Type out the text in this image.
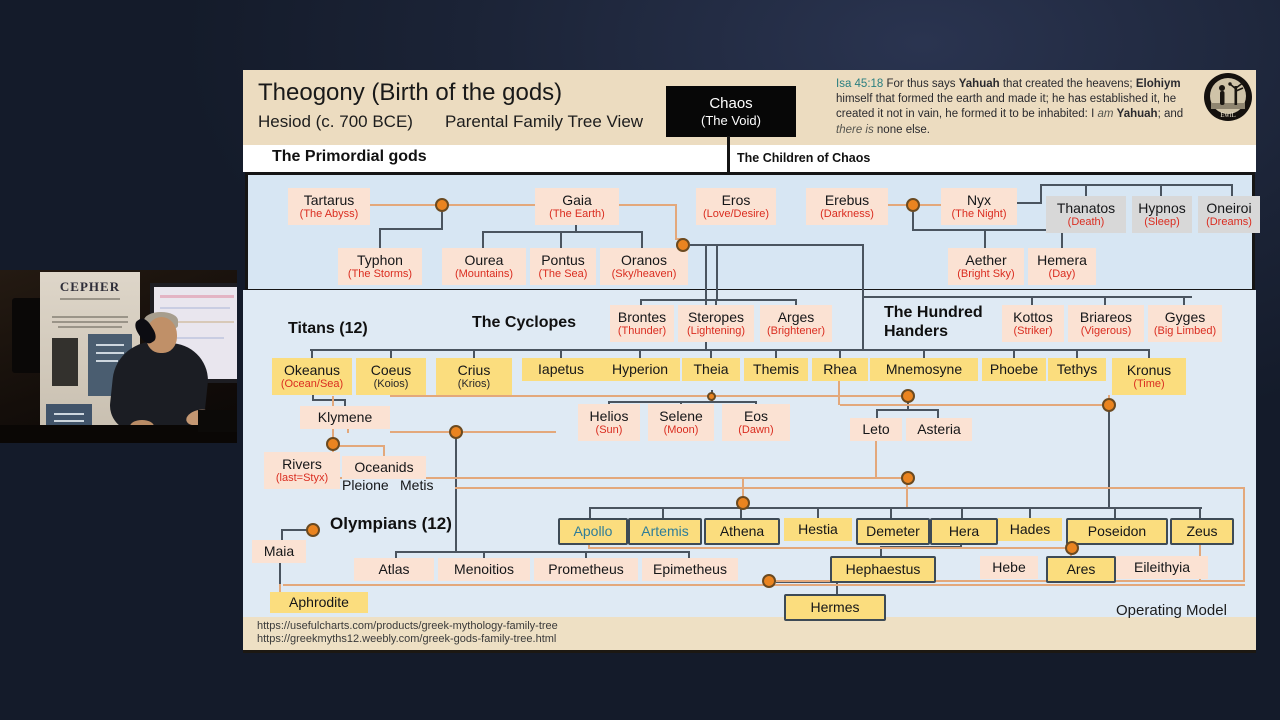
Theogony (Birth of the gods)
Hesiod (c. 700 BCE) Parental Family Tree View
Chaos
(The Void)
Isa 45:18 For thus says Yahuah that created the heavens; Elohiym himself that formed the earth and made it; he has established it, he created it not in vain, he formed it to be inhabited: I am Yahuah; and there is none else.
EwiL
The Primordial gods	The Children of Chaos
Titans (12)	The Cyclopes
The Hundred Handers
Olympians (12)
Tartarus
(The Abyss)
Gaia
(The Earth)
Eros
(Love/Desire)
Erebus
(Darkness)
Nyx
(The Night)	Thanatos
(Death)
Hypnos
(Sleep)
Oneiroi
(Dreams)
Typhon
(The Storms)
Ourea
(Mountains)
Pontus
(The Sea)
Oranos
(Sky/heaven)
Aether
(Bright Sky)
Hemera
(Day)
Brontes
(Thunder)
Steropes
(Lightening)
Arges
(Brightener)
Kottos
(Striker)
Briareos
(Vigerous)
Gyges
(Big Limbed)
Okeanus
(Ocean/Sea)
Coeus
(Koios)
Crius
(Krios)
Iapetus Hyperion Theia Themis Rhea Mnemosyne Phoebe Tethys Kronus
(Time)
Klymene	Helios
(Sun)
Selene
(Moon)
Eos
(Dawn)	Leto Asteria
Rivers
(last=Styx)
Oceanids
Pleione Metis
Apollo Artemis Athena Hestia Demeter Hera Hades	Poseidon	Zeus
Maia
Atlas	Menoitios Prometheus Epimetheus	Hephaestus	Hebe	Ares	Eileithyia
Aphrodite	Hermes
https://usefulcharts.com/products/greek-mythology-family-tree
https://greekmyths12.weebly.com/greek-gods-family-tree.html
Operating Model
CEPHER
